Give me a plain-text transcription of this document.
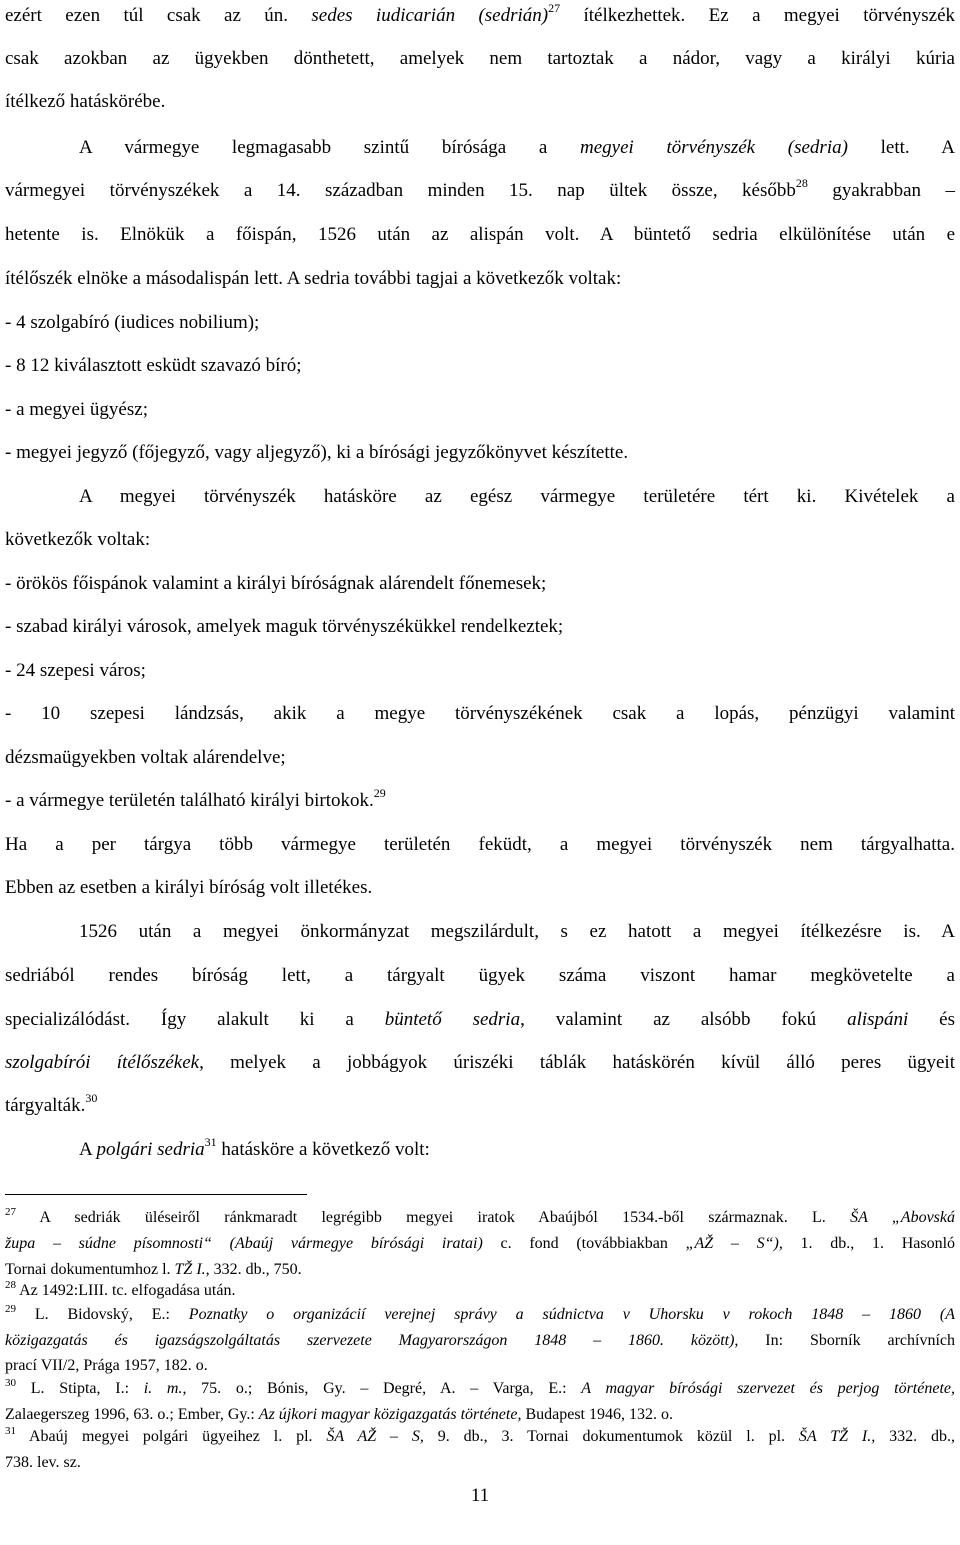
ezért ezen túl csak az ún. sedes iudicarián (sedrián)$^{27}$ ítélkezhettek. Ez a megyei törvényszék
csak azokban az ügyekben dönthetett, amelyek nem tartoztak a nádor, vagy a királyi kúria
ítélkező hatáskörébe.
A vármegye legmagasabb szintű bírósága a megyei törvényszék (sedria) lett. A
vármegyei törvényszékek a 14. században minden 15. nap ültek össze, később$^{28}$ gyakrabban –
hetente is. Elnökük a főispán, 1526 után az alispán volt. A büntető sedria elkülönítése után e
ítélőszék elnöke a másodalispán lett. A sedria további tagjai a következők voltak:
- 4 szolgabíró (iudices nobilium);
- 8 12 kiválasztott esküdt szavazó bíró;
- a megyei ügyész;
- megyei jegyző (főjegyző, vagy aljegyző), ki a bírósági jegyzőkönyvet készítette.
A megyei törvényszék hatásköre az egész vármegye területére tért ki. Kivételek a
következők voltak:
- örökös főispánok valamint a királyi bíróságnak alárendelt főnemesek;
- szabad királyi városok, amelyek maguk törvényszékükkel rendelkeztek;
- 24 szepesi város;
- 10 szepesi lándzsás, akik a megye törvényszékének csak a lopás, pénzügyi valamint
dézsmaügyekben voltak alárendelve;
- a vármegye területén található királyi birtokok.$^{29}$
Ha a per tárgya több vármegye területén feküdt, a megyei törvényszék nem tárgyalhatta.
Ebben az esetben a királyi bíróság volt illetékes.
1526 után a megyei önkormányzat megszilárdult, s ez hatott a megyei ítélkezésre is. A
sedriából rendes bíróság lett, a tárgyalt ügyek száma viszont hamar megkövetelte a
specializálódást. Így alakult ki a büntető sedria, valamint az alsóbb fokú alispáni és
szolgabírói ítélőszékek, melyek a jobbágyok úriszéki táblák hatáskörén kívül álló peres ügyeit
tárgyalták.$^{30}$
A polgári sedria$^{31}$ hatásköre a következő volt:
$^{27}$ A sedriák üléseiről ránkmaradt legrégibb megyei iratok Abaújból 1534.-ből származnak. L. ŠA „Abovská
župa – súdne písomnosti“ (Abaúj vármegye bírósági iratai) c. fond (továbbiakban „AŽ – S“), 1. db., 1. Hasonló
Tornai dokumentumhoz l. TŽ I., 332. db., 750.
$^{28}$ Az 1492:LIII. tc. elfogadása után.
$^{29}$ L. Bidovský, E.: Poznatky o organizácií verejnej správy a súdnictva v Uhorsku v rokoch 1848 – 1860 (A
közigazgatás és igazságszolgáltatás szervezete Magyarországon 1848 – 1860. között), In: Sborník archívních
prací VII/2, Prága 1957, 182. o.
$^{30}$ L. Stipta, I.: i. m., 75. o.; Bónis, Gy. – Degré, A. – Varga, E.: A magyar bírósági szervezet és perjog története,
Zalaegerszeg 1996, 63. o.; Ember, Gy.: Az újkori magyar közigazgatás története, Budapest 1946, 132. o.
$^{31}$ Abaúj megyei polgári ügyeihez l. pl. ŠA AŽ – S, 9. db., 3. Tornai dokumentumok közül l. pl. ŠA TŽ I., 332. db.,
738. lev. sz.
11
